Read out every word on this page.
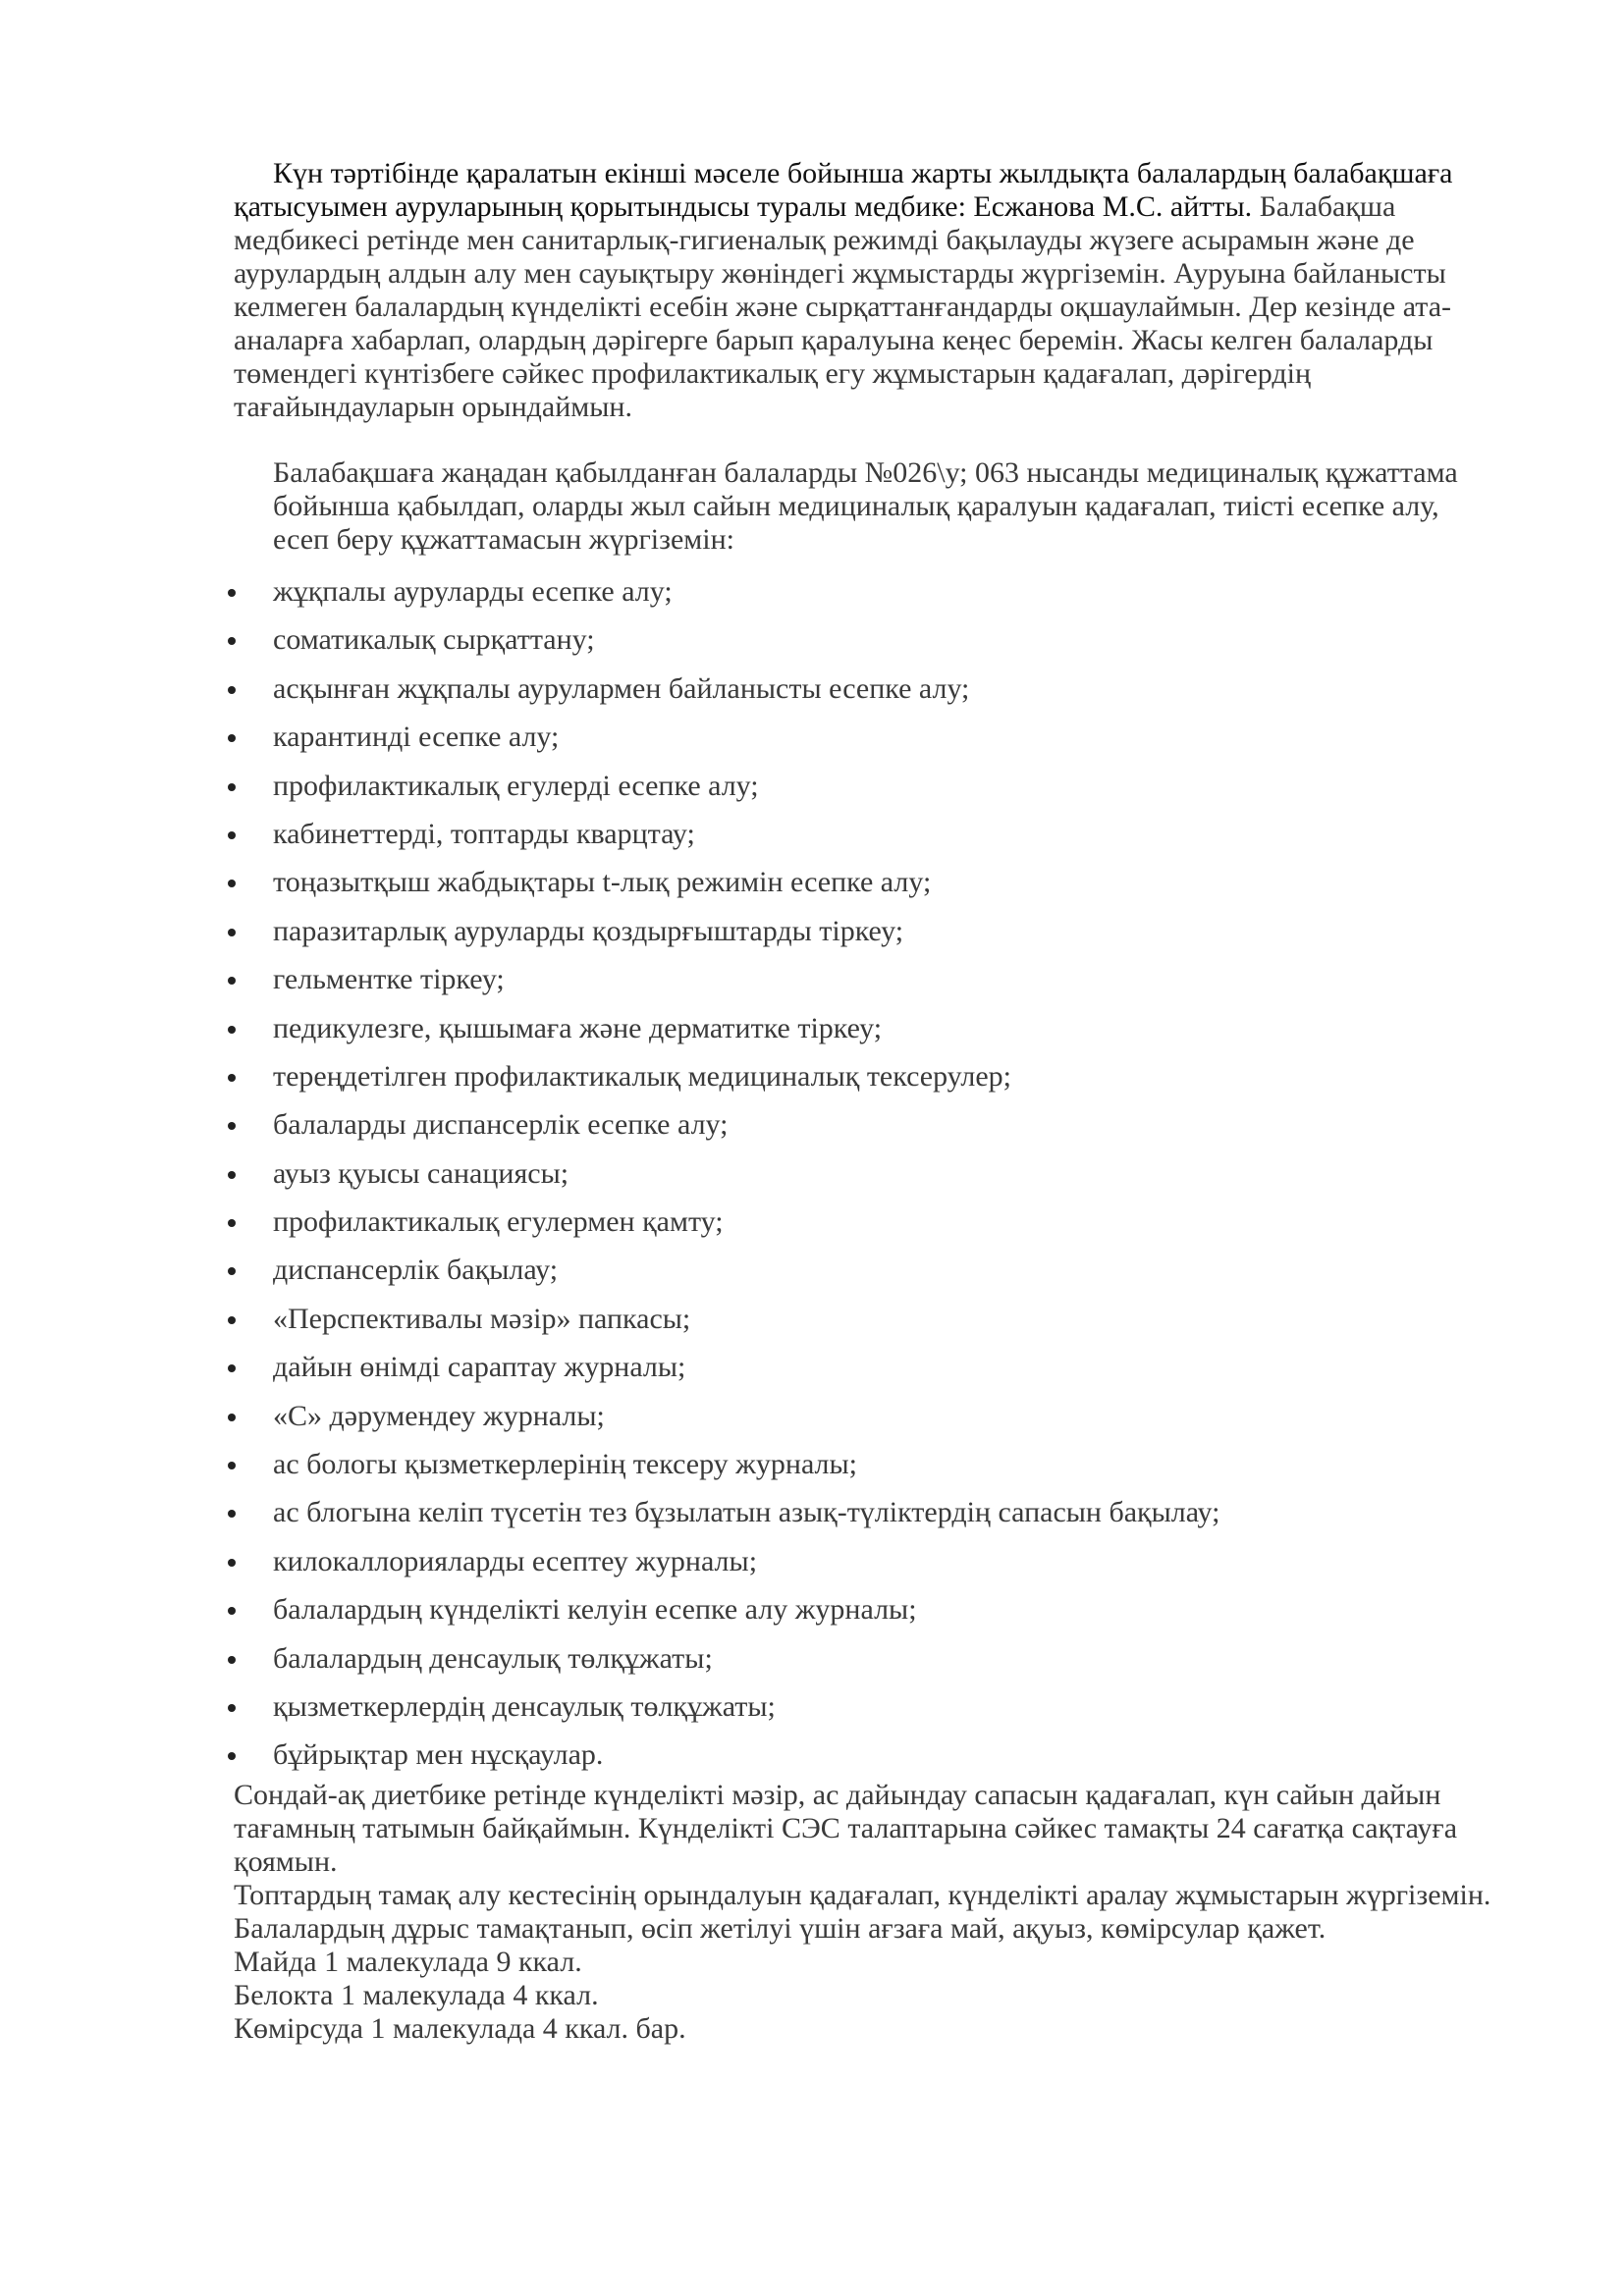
Күн тәртібінде қаралатын екінші мәселе бойынша жарты жылдықта балалардың балабақшаға қатысуымен ауруларының қорытындысы туралы медбике: Есжанова М.С. айтты. Балабақша медбикесі ретінде мен санитарлық-гигиеналық режимді бақылауды жүзеге асырамын және де аурулардың алдын алу мен сауықтыру жөніндегі жұмыстарды жүргіземін. Ауруына байланысты келмеген балалардың күнделікті есебін және сырқаттанғандарды оқшаулаймын. Дер кезінде ата-аналарға хабарлап, олардың дәрігерге барып қаралуына кеңес беремін. Жасы келген балаларды төмендегі күнтізбеге сәйкес профилактикалық егу жұмыстарын қадағалап, дәрігердің тағайындауларын орындаймын.

Балабақшаға жаңадан қабылданған балаларды №026\у; 063 нысанды медициналық құжаттама бойынша қабылдап, оларды жыл сайын медициналық қаралуын қадағалап, тиісті есепке алу, есеп беру құжаттамасын жүргіземін:

жұқпалы ауруларды есепке алу;
соматикалық сырқаттану;
асқынған жұқпалы аурулармен байланысты есепке алу;
карантинді есепке алу;
профилактикалық егулерді есепке алу;
кабинеттерді, топтарды кварцтау;
тоңазытқыш жабдықтары t-лық режимін есепке алу;
паразитарлық ауруларды қоздырғыштарды тіркеу;
гельментке тіркеу;
педикулезге, қышымаға және дерматитке тіркеу;
тереңдетілген профилактикалық медициналық тексерулер;
балаларды диспансерлік есепке алу;
ауыз қуысы санациясы;
профилактикалық егулермен қамту;
диспансерлік бақылау;
«Перспективалы мәзір» папкасы;
дайын өнімді сараптау журналы;
«С» дәрумендеу журналы;
ас бологы қызметкерлерінің тексеру журналы;
ас блогына келіп түсетін тез бұзылатын азық-түліктердің сапасын бақылау;
килокаллорияларды есептеу журналы;
балалардың күнделікті келуін есепке алу журналы;
балалардың денсаулық төлқұжаты;
қызметкерлердің денсаулық төлқұжаты;
бұйрықтар мен нұсқаулар.

Сондай-ақ диетбике ретінде күнделікті мәзір, ас дайындау сапасын қадағалап, күн сайын дайын тағамның татымын байқаймын. Күнделікті СЭС талаптарына сәйкес тамақты 24 сағатқа сақтауға қоямын.

Топтардың тамақ алу кестесінің орындалуын қадағалап, күнделікті аралау жұмыстарын жүргіземін.

Балалардың дұрыс тамақтанып, өсіп жетілуі үшін ағзаға май, ақуыз, көмірсулар қажет.

Майда 1 малекулада 9 ккал.

Белокта 1 малекулада 4 ккал.

Көмірсуда 1 малекулада 4 ккал. бар.
